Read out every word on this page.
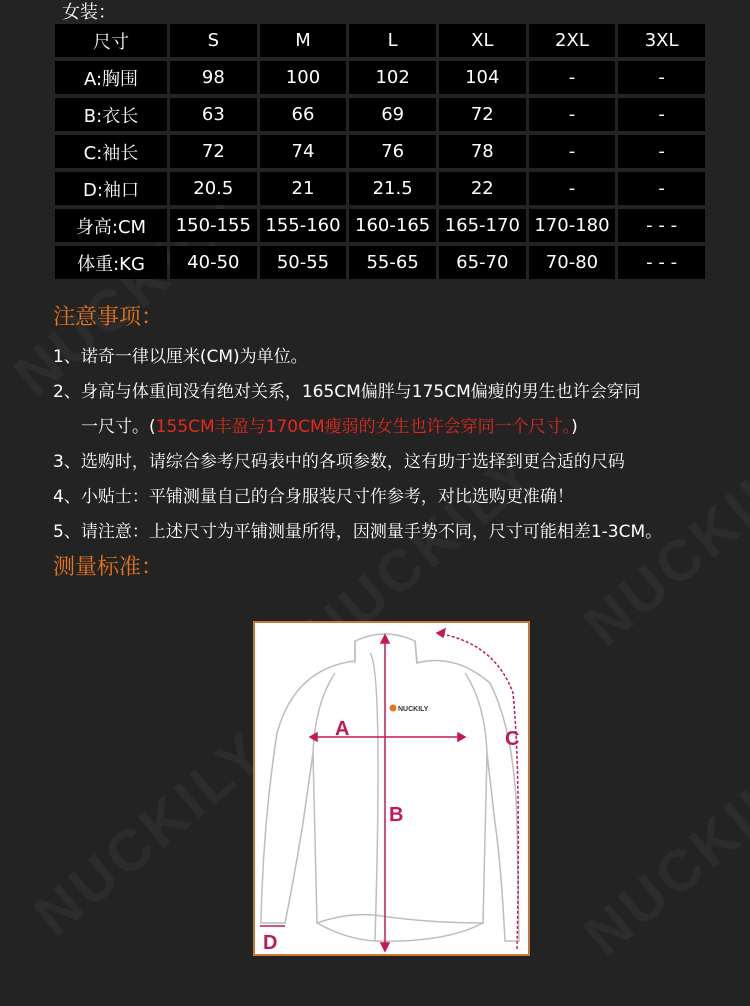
女装：
尺寸	S	M	L	XL	2XL	3XL
A:胸围	98	100	102	104	-	-
B:衣长	63	66	69	72	-	-
C:袖长	72	74	76	78	-	-
D:袖口	20.5	21	21.5	22	-	-
身高:CM	150-155	155-160	160-165	165-170	170-180	- - -
体重:KG	40-50	50-55	55-65	65-70	70-80	- - -
注意事项：
1、诺奇一律以厘米(CM)为单位。
2、身高与体重间没有绝对关系，165CM偏胖与175CM偏瘦的男生也许会穿同
一尺寸。(155CM丰盈与170CM瘦弱的女生也许会穿同一个尺寸。)
3、选购时，请综合参考尺码表中的各项参数，这有助于选择到更合适的尺码
4、小贴士：平铺测量自己的合身服装尺寸作参考，对比选购更准确！
5、请注意：上述尺寸为平铺测量所得，因测量手势不同，尺寸可能相差1-3CM。
测量标准：
NUCKILY
A
B
C
D
